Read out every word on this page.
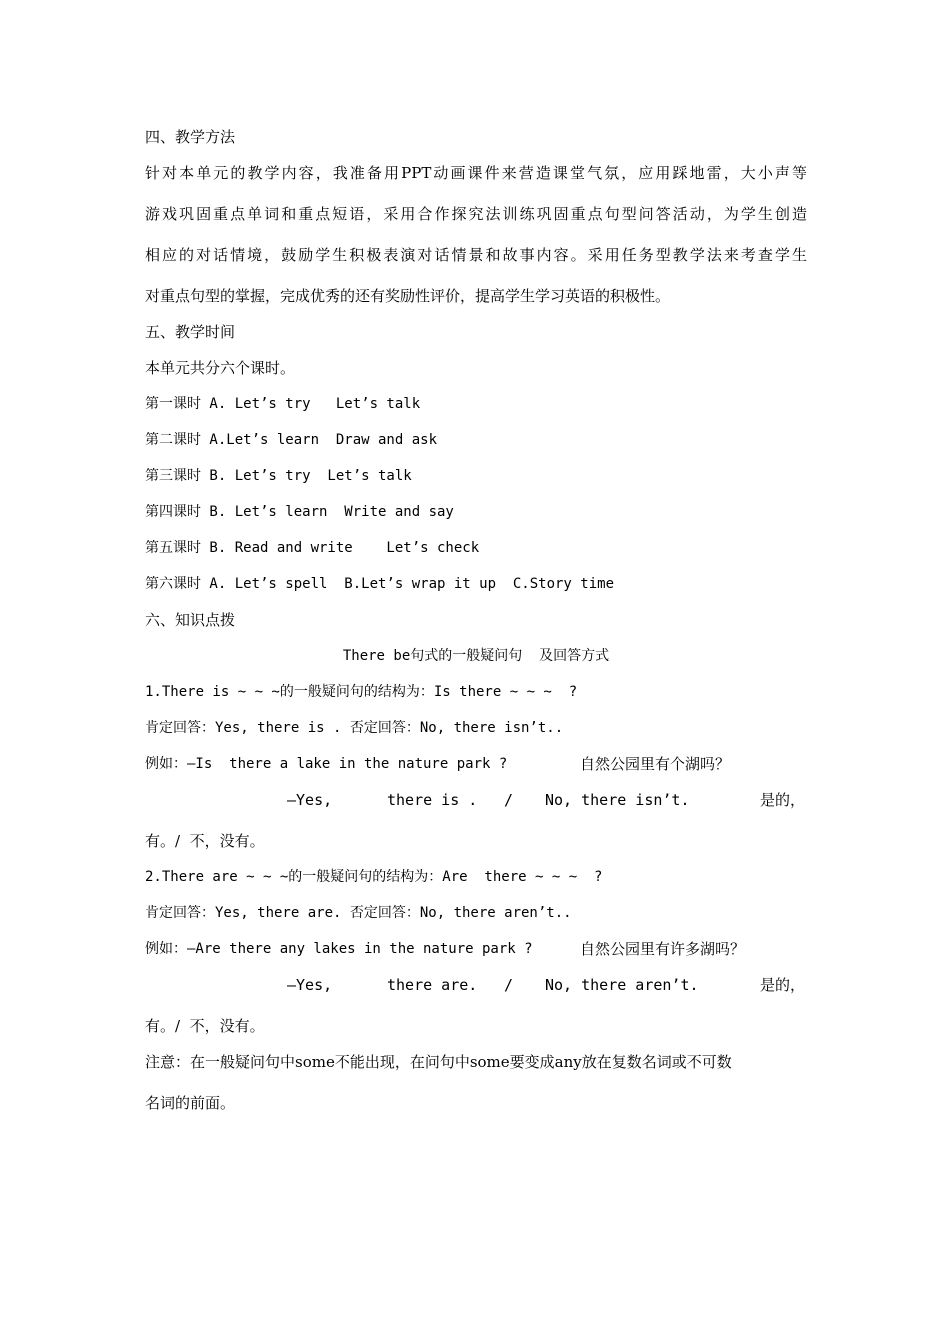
四、教学方法
针对本单元的教学内容，我准备用PPT动画课件来营造课堂气氛，应用踩地雷，大小声等
游戏巩固重点单词和重点短语，采用合作探究法训练巩固重点句型问答活动，为学生创造
相应的对话情境，鼓励学生积极表演对话情景和故事内容。采用任务型教学法来考查学生
对重点句型的掌握，完成优秀的还有奖励性评价，提高学生学习英语的积极性。
五、教学时间
本单元共分六个课时。
第一课时 A. Let’s try   Let’s talk
第二课时 A.Let’s learn  Draw and ask
第三课时 B. Let’s try  Let’s talk
第四课时 B. Let’s learn  Write and say
第五课时 B. Read and write    Let’s check
第六课时 A. Let’s spell  B.Let’s wrap it up  C.Story time
六、知识点拨
There be句式的一般疑问句  及回答方式
1.There is ~ ~ ~的一般疑问句的结构为：Is there ~ ~ ~  ?
肯定回答：Yes, there is . 否定回答：No, there isn’t..
例如：—Is  there a lake in the nature park ?	自然公园里有个湖吗？
—Yes,	there is . / No, there isn’t.	是的，
有。/  不，没有。
2.There are ~ ~ ~的一般疑问句的结构为：Are  there ~ ~ ~  ?
肯定回答：Yes, there are. 否定回答：No, there aren’t..
例如：—Are there any lakes in the nature park ?	自然公园里有许多湖吗？
—Yes,	there are. / No, there aren’t.	是的，
有。/  不，没有。
注意：在一般疑问句中some不能出现，在问句中some要变成any放在复数名词或不可数
名词的前面。
